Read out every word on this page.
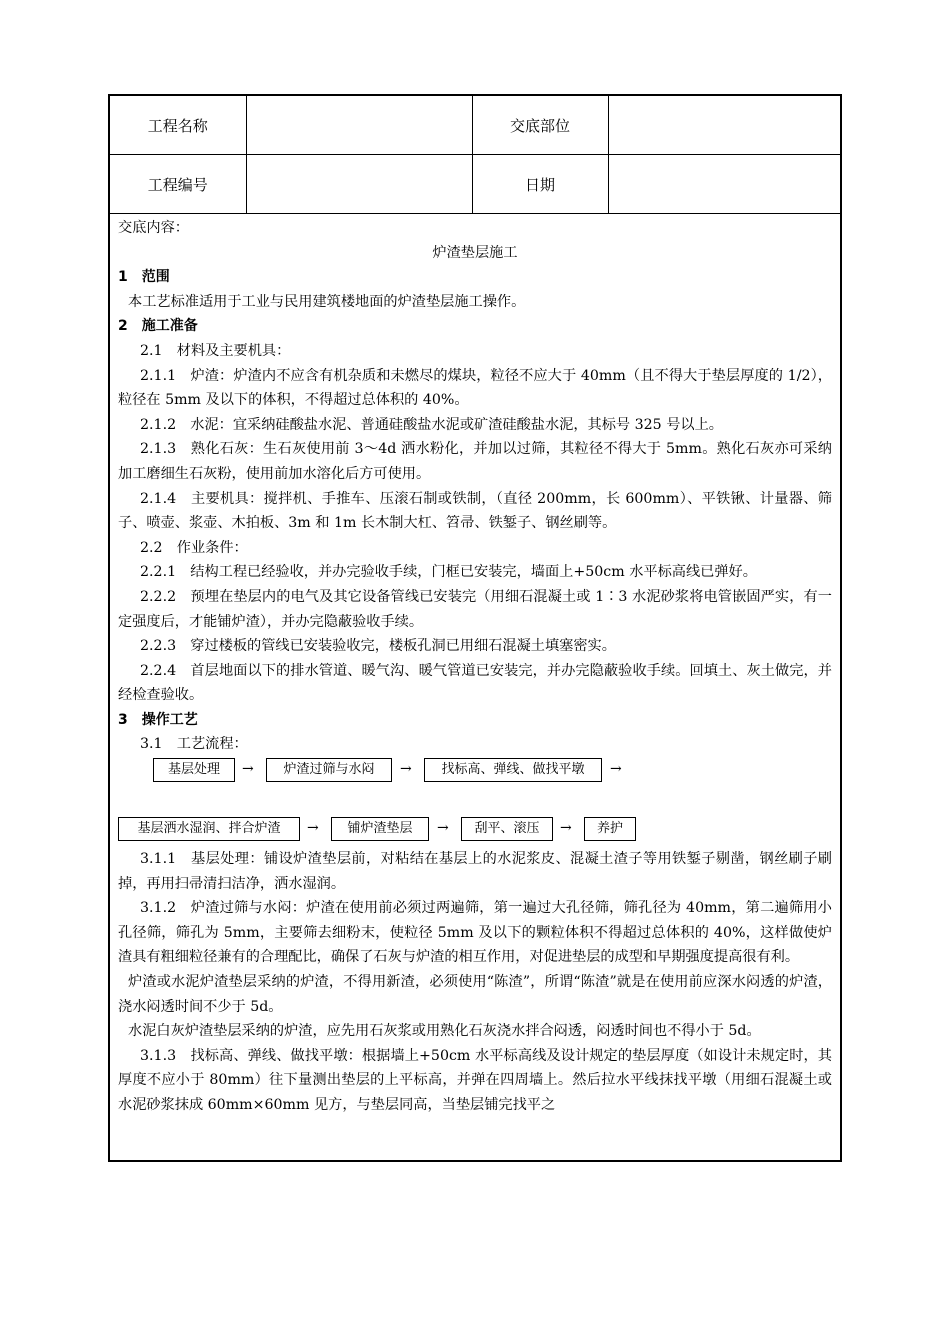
工程名称		交底部位	
工程编号		日期	

交底内容：

炉渣垫层施工

1　范围

本工艺标准适用于工业与民用建筑楼地面的炉渣垫层施工操作。

2　施工准备

2.1　材料及主要机具：

2.1.1　炉渣：炉渣内不应含有机杂质和未燃尽的煤块，粒径不应大于 40mm（且不得大于垫层厚度的 1/2），粒径在 5mm 及以下的体积，不得超过总体积的 40%。

2.1.2　水泥：宜采纳硅酸盐水泥、普通硅酸盐水泥或矿渣硅酸盐水泥，其标号 325 号以上。

2.1.3　熟化石灰：生石灰使用前 3～4d 洒水粉化，并加以过筛，其粒径不得大于 5mm。熟化石灰亦可采纳加工磨细生石灰粉，使用前加水溶化后方可使用。

2.1.4　主要机具：搅拌机、手推车、压滚石制或铁制，（直径 200mm，长 600mm）、平铁锹、计量器、筛子、喷壶、浆壶、木拍板、3m 和 1m 长木制大杠、笤帚、铁錾子、钢丝刷等。

2.2　作业条件：

2.2.1　结构工程已经验收，并办完验收手续，门框已安装完，墙面上+50cm 水平标高线已弹好。

2.2.2　预埋在垫层内的电气及其它设备管线已安装完（用细石混凝土或 1∶3 水泥砂浆将电管嵌固严实，有一定强度后，才能铺炉渣），并办完隐蔽验收手续。

2.2.3　穿过楼板的管线已安装验收完，楼板孔洞已用细石混凝土填塞密实。

2.2.4　首层地面以下的排水管道、暖气沟、暖气管道已安装完，并办完隐蔽验收手续。回填土、灰土做完，并经检查验收。

3　操作工艺

3.1　工艺流程：

基层处理	→	炉渣过筛与水闷	→	找标高、弹线、做找平墩	→
基层洒水湿润、拌合炉渣	→	铺炉渣垫层	→	刮平、滚压	→	养护

3.1.1　基层处理：铺设炉渣垫层前，对粘结在基层上的水泥浆皮、混凝土渣子等用铁錾子剔凿，钢丝刷子刷掉，再用扫帚清扫洁净，洒水湿润。

3.1.2　炉渣过筛与水闷：炉渣在使用前必须过两遍筛，第一遍过大孔径筛，筛孔径为 40mm，第二遍筛用小孔径筛，筛孔为 5mm，主要筛去细粉末，使粒径 5mm 及以下的颗粒体积不得超过总体积的 40%，这样做使炉渣具有粗细粒径兼有的合理配比，确保了石灰与炉渣的相互作用，对促进垫层的成型和早期强度提高很有利。

炉渣或水泥炉渣垫层采纳的炉渣，不得用新渣，必须使用“陈渣”，所谓“陈渣”就是在使用前应深水闷透的炉渣，浇水闷透时间不少于 5d。

水泥白灰炉渣垫层采纳的炉渣，应先用石灰浆或用熟化石灰浇水拌合闷透，闷透时间也不得小于 5d。

3.1.3　找标高、弹线、做找平墩：根据墙上+50cm 水平标高线及设计规定的垫层厚度（如设计未规定时，其厚度不应小于 80mm）往下量测出垫层的上平标高，并弹在四周墙上。然后拉水平线抹找平墩（用细石混凝土或水泥砂浆抹成 60mm×60mm 见方，与垫层同高，当垫层铺完找平之
